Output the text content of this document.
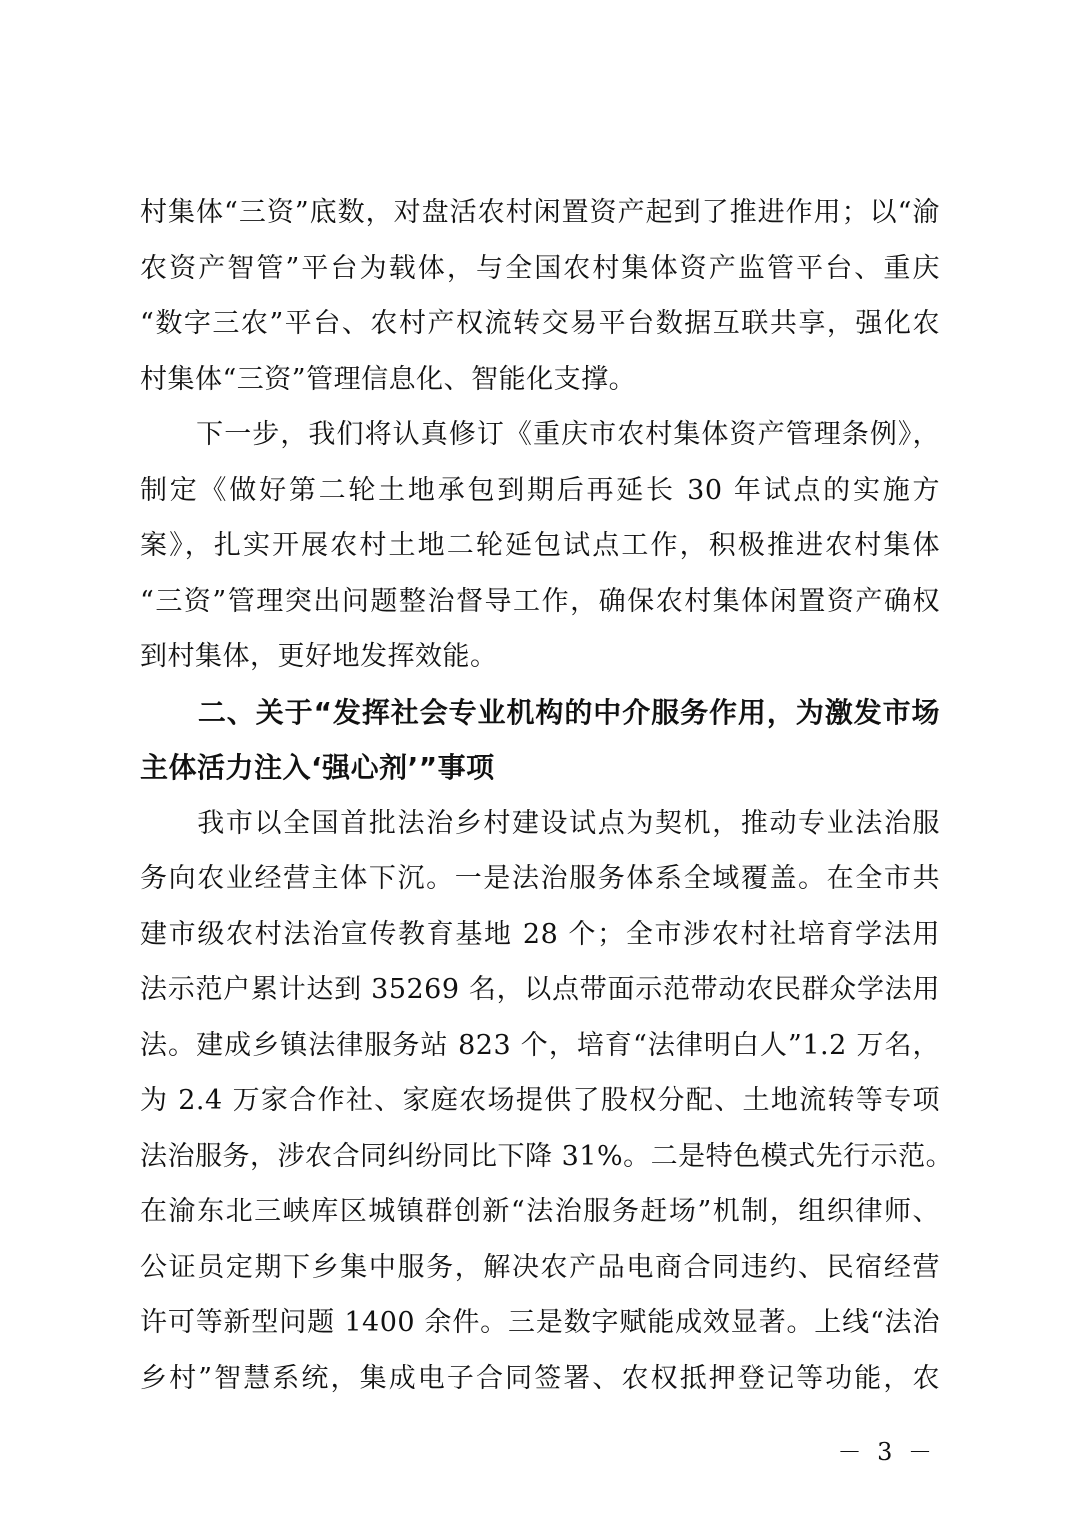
村集体“三资”底数，对盘活农村闲置资产起到了推进作用；以“渝
农资产智管”平台为载体，与全国农村集体资产监管平台、重庆
“数字三农”平台、农村产权流转交易平台数据互联共享，强化农
村集体“三资”管理信息化、智能化支撑。
　　下一步，我们将认真修订《重庆市农村集体资产管理条例》，
制定《做好第二轮土地承包到期后再延长 30 年试点的实施方
案》，扎实开展农村土地二轮延包试点工作，积极推进农村集体
“三资”管理突出问题整治督导工作，确保农村集体闲置资产确权
到村集体，更好地发挥效能。
　　二、关于“发挥社会专业机构的中介服务作用，为激发市场
主体活力注入‘强心剂’”事项
　　我市以全国首批法治乡村建设试点为契机，推动专业法治服
务向农业经营主体下沉。一是法治服务体系全域覆盖。在全市共
建市级农村法治宣传教育基地 28 个；全市涉农村社培育学法用
法示范户累计达到 35269 名，以点带面示范带动农民群众学法用
法。建成乡镇法律服务站 823 个，培育“法律明白人”1.2 万名，
为 2.4 万家合作社、家庭农场提供了股权分配、土地流转等专项
法治服务，涉农合同纠纷同比下降 31%。二是特色模式先行示范。
在渝东北三峡库区城镇群创新“法治服务赶场”机制，组织律师、
公证员定期下乡集中服务，解决农产品电商合同违约、民宿经营
许可等新型问题 1400 余件。三是数字赋能成效显著。上线“法治
乡村”智慧系统，集成电子合同签署、农权抵押登记等功能，农
－ 3 －
